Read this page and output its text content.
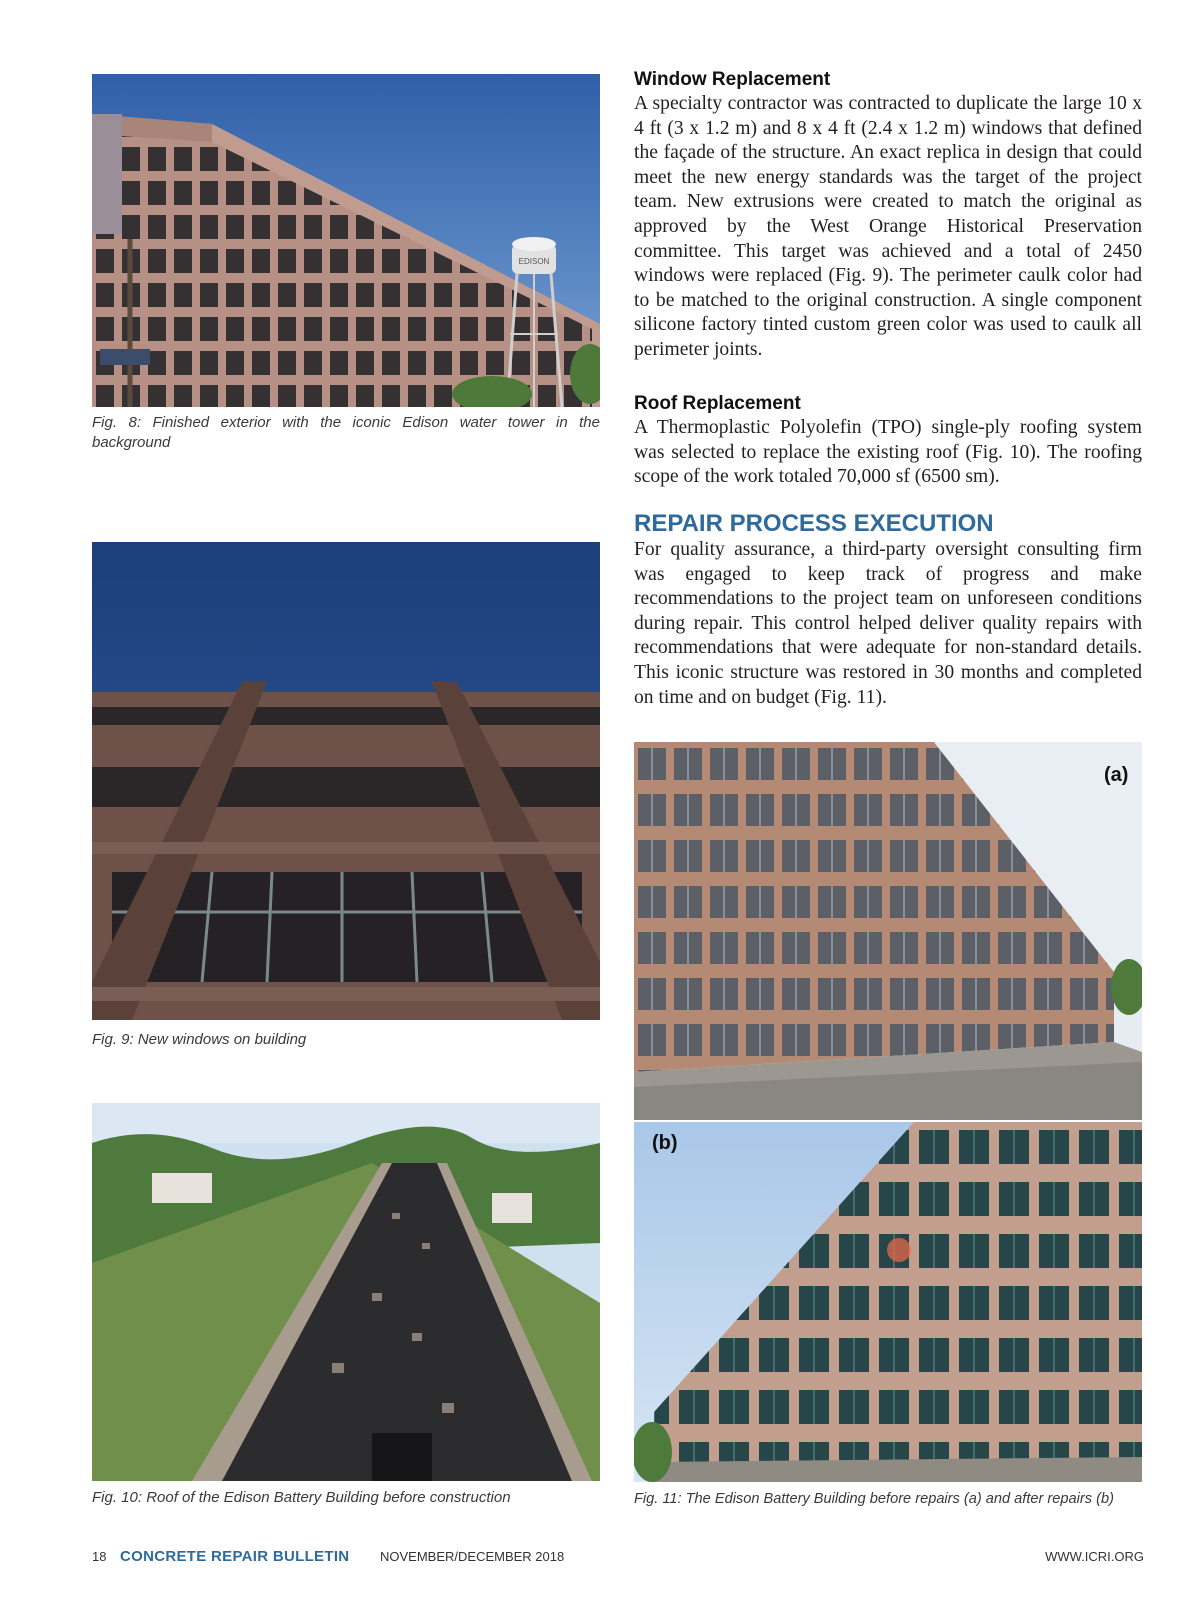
EDISON

Fig. 8: Finished exterior with the iconic Edison water tower in the background

Fig. 9: New windows on building

Fig. 10: Roof of the Edison Battery Building before construction

Window Replacement

A specialty contractor was contracted to duplicate the large 10 x 4 ft (3 x 1.2 m) and 8 x 4 ft (2.4 x 1.2 m) windows that defined the façade of the structure. An exact replica in design that could meet the new energy standards was the target of the project team. New extrusions were created to match the original as approved by the West Orange Historical Preservation committee. This target was achieved and a total of 2450 windows were replaced (Fig. 9). The perimeter caulk color had to be matched to the original construction. A single component silicone factory tinted custom green color was used to caulk all perimeter joints.

Roof Replacement

A Thermoplastic Polyolefin (TPO) single-ply roofing system was selected to replace the existing roof (Fig. 10). The roofing scope of the work totaled 70,000 sf (6500 sm).

REPAIR PROCESS EXECUTION

For quality assurance, a third-party oversight consulting firm was engaged to keep track of progress and make recommendations to the project team on unforeseen conditions during repair. This control helped deliver quality repairs with recommendations that were adequate for non-standard details. This iconic structure was restored in 30 months and completed on time and on budget (Fig. 11).

(a)
(b)

Fig. 11: The Edison Battery Building before repairs (a) and after repairs (b)

18 CONCRETE REPAIR BULLETIN NOVEMBER/DECEMBER 2018	WWW.ICRI.ORG
